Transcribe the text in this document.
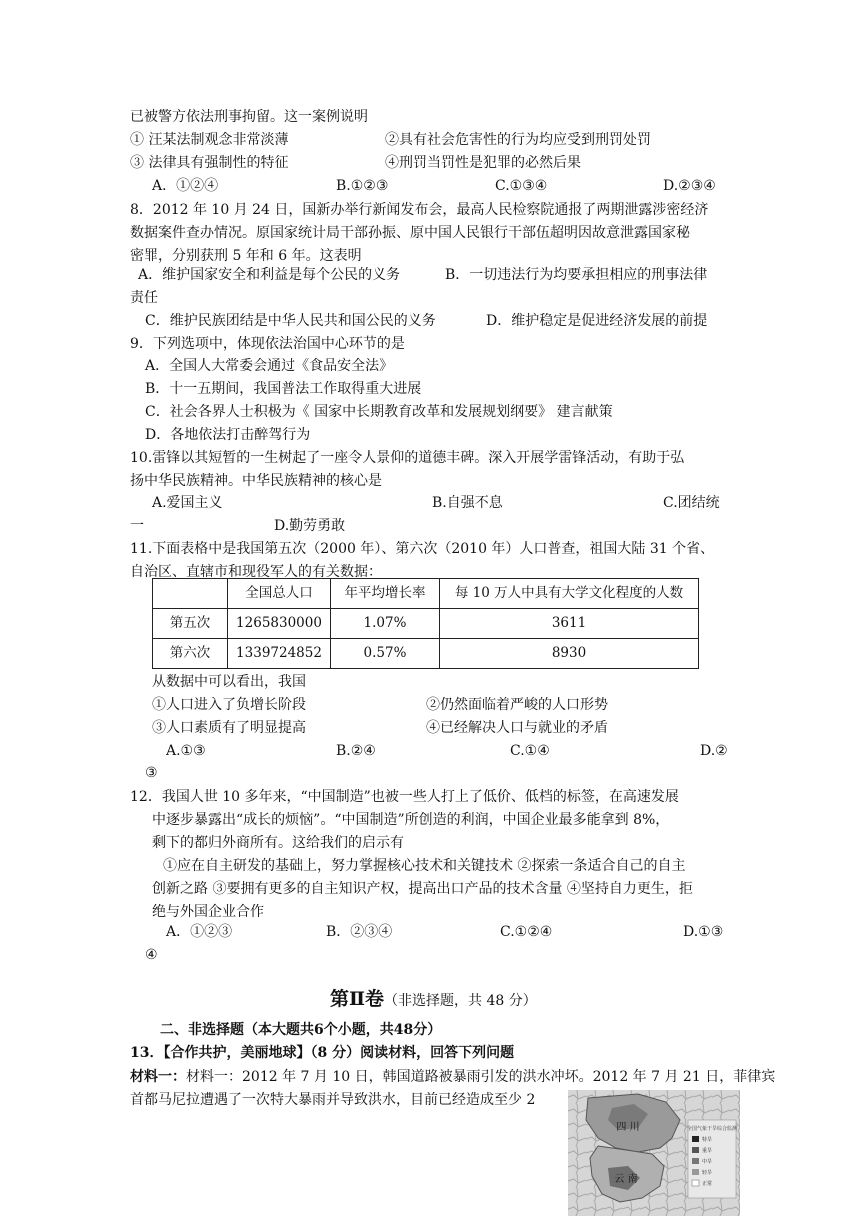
已被警方依法刑事拘留。这一案例说明
① 汪某法制观念非常淡薄	②具有社会危害性的行为均应受到刑罚处罚
③ 法律具有强制性的特征	④刑罚当罚性是犯罪的必然后果
A．①②④	B.①②③	C.①③④	D.②③④
8．2012 年 10 月 24 日，国新办举行新闻发布会，最高人民检察院通报了两期泄露涉密经济
数据案件查办情况。原国家统计局干部孙振、原中国人民银行干部伍超明因故意泄露国家秘
密罪，分别获刑 5 年和 6 年。这表明
A．维护国家安全和利益是每个公民的义务	B．一切违法行为均要承担相应的刑事法律
责任
C．维护民族团结是中华人民共和国公民的义务	D．维护稳定是促进经济发展的前提
9．下列选项中，体现依法治国中心环节的是
A．全国人大常委会通过《食品安全法》
B．十一五期间，我国普法工作取得重大进展
C．社会各界人士积极为《 国家中长期教育改革和发展规划纲要》 建言献策
D．各地依法打击醉驾行为
10.雷锋以其短暂的一生树起了一座令人景仰的道德丰碑。深入开展学雷锋活动，有助于弘
扬中华民族精神。中华民族精神的核心是
A.爱国主义	B.自强不息	C.团结统
一	D.勤劳勇敢
11.下面表格中是我国第五次（2000 年）、第六次（2010 年）人口普查，祖国大陆 31 个省、
自治区、直辖市和现役军人的有关数据：
	全国总人口	年平均增长率	每 10 万人中具有大学文化程度的人数
第五次	1265830000	1.07%	3611
第六次	1339724852	0.57%	8930
从数据中可以看出，我国
①人口进入了负增长阶段	②仍然面临着严峻的人口形势
③人口素质有了明显提高	④已经解决人口与就业的矛盾
A.①③	B.②④	C.①④	D.②
③
12．我国人世 10 多年来，“中国制造”也被一些人打上了低价、低档的标签，在高速发展
中逐步暴露出“成长的烦恼”。“中国制造”所创造的利润，中国企业最多能拿到 8%，
剩下的都归外商所有。这给我们的启示有
①应在自主研发的基础上，努力掌握核心技术和关键技术 ②探索一条适合自己的自主
创新之路 ③要拥有更多的自主知识产权，提高出口产品的技术含量 ④坚持自力更生，拒
绝与外国企业合作
A．①②③	B．②③④	C.①②④	D.①③
④
第Ⅱ卷（非选择题，共 48 分）
二、非选择题（本大题共6个小题，共48分）
13．【合作共护，美丽地球】（8 分）阅读材料，回答下列问题
材料一：材料一：2012 年 7 月 10 日，韩国道路被暴雨引发的洪水冲坏。2012 年 7 月 21 日，菲律宾
首都马尼拉遭遇了一次特大暴雨并导致洪水，目前已经造成至少 2
四 川
云 南
全国气象干旱综合监测
特旱
重旱
中旱
轻旱
正常
